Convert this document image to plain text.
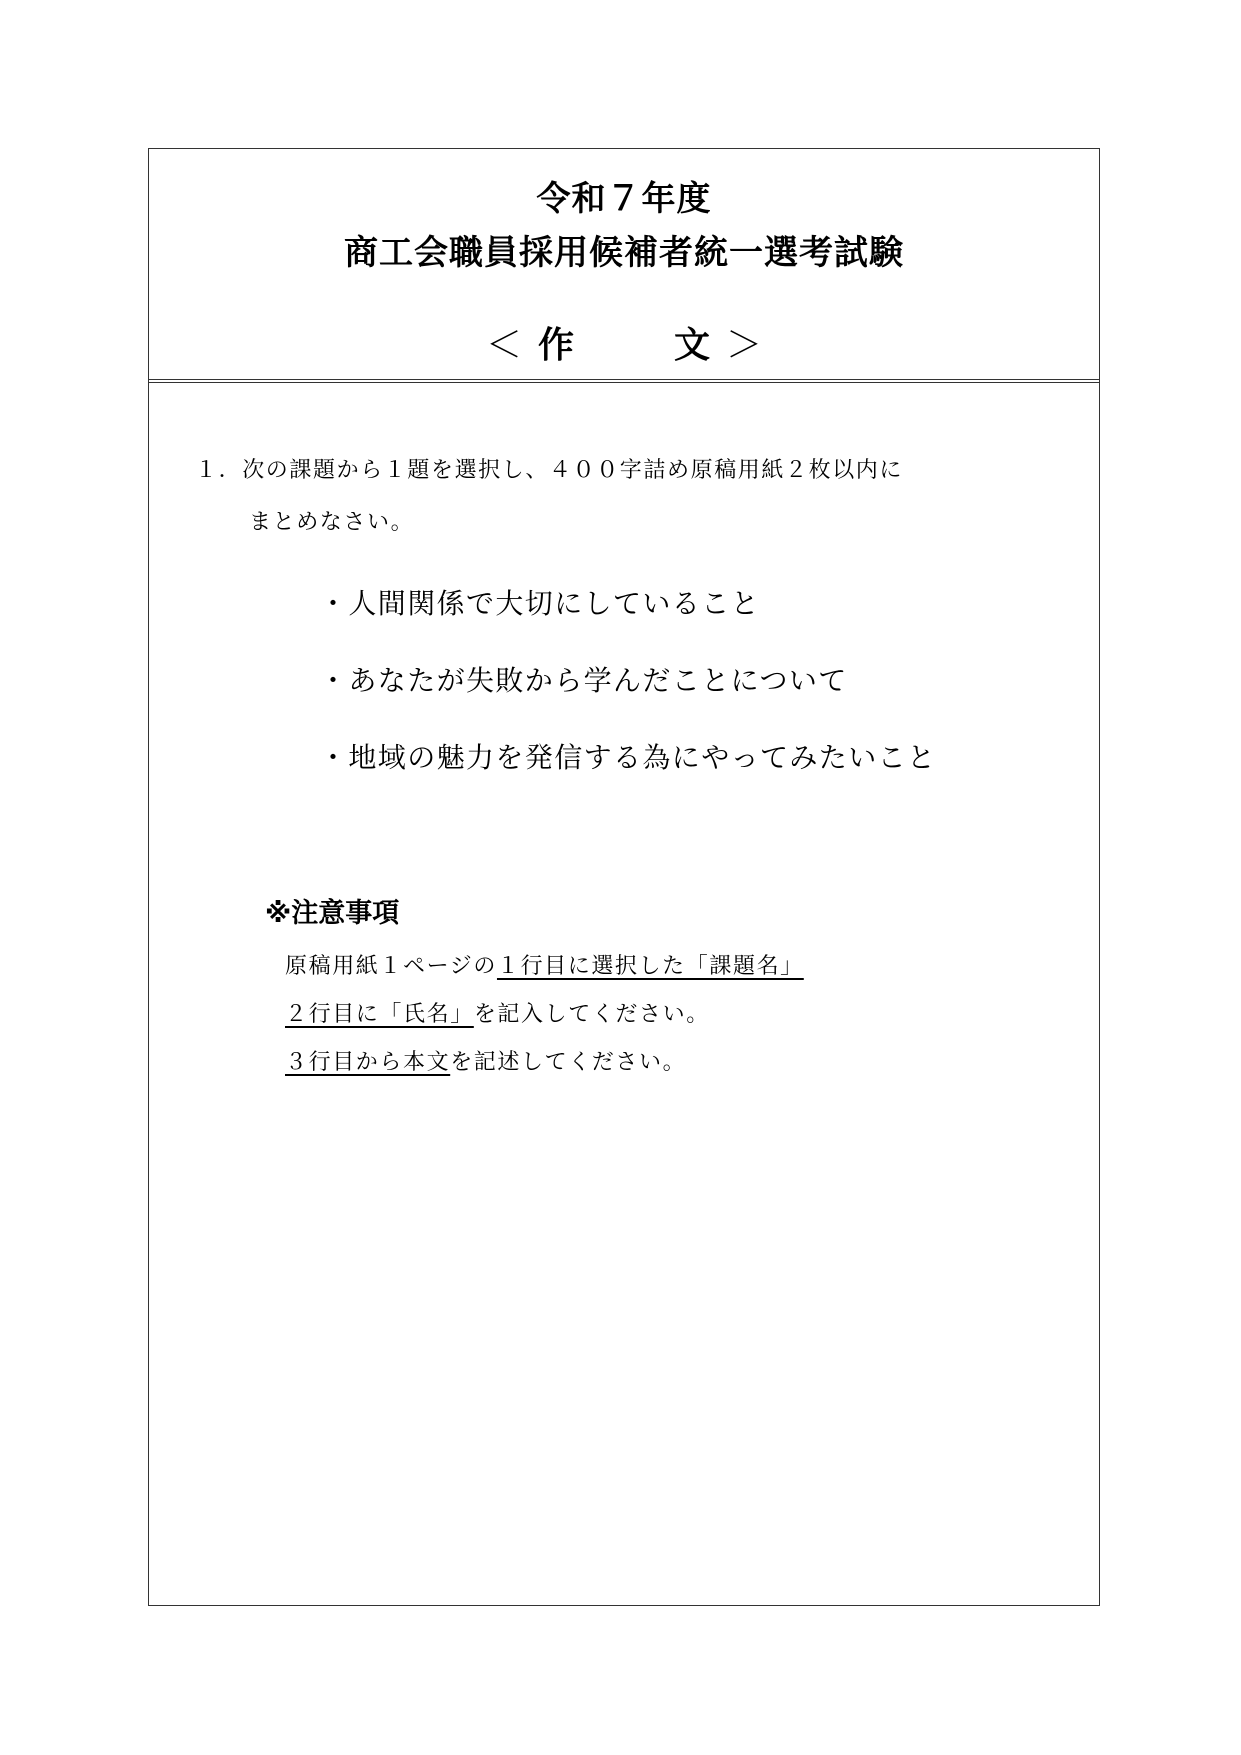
令和７年度
商工会職員採用候補者統一選考試験
＜ 作	文 ＞
１．次の課題から１題を選択し、４００字詰め原稿用紙２枚以内に
まとめなさい。
・人間関係で大切にしていること
・あなたが失敗から学んだことについて
・地域の魅力を発信する為にやってみたいこと
※注意事項
原稿用紙１ページの１行目に選択した「課題名」
２行目に「氏名」を記入してください。
３行目から本文を記述してください。
